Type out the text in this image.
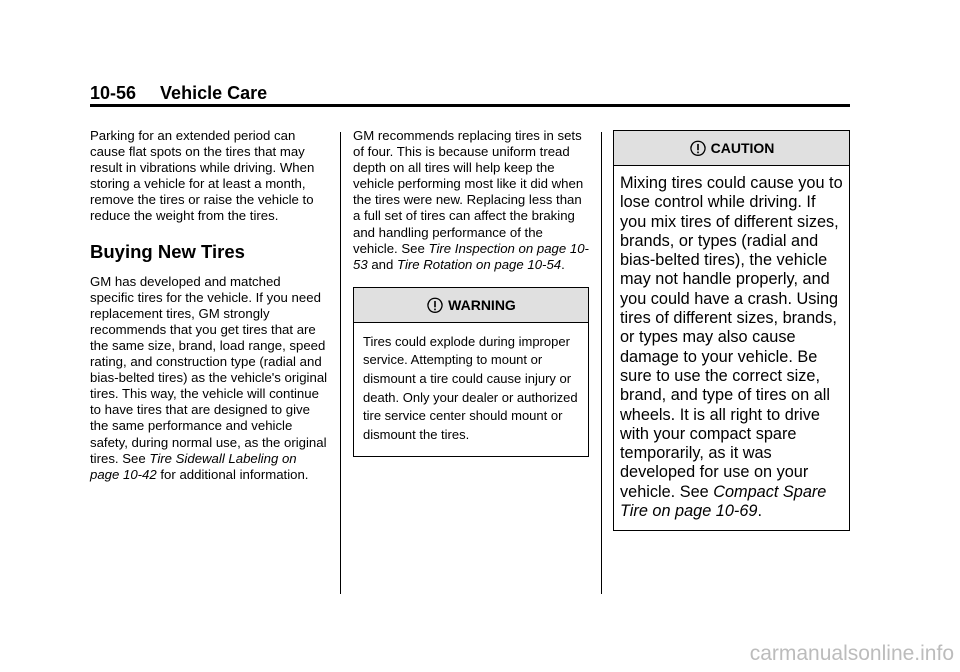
10-56 Vehicle Care

Parking for an extended period can cause flat spots on the tires that may result in vibrations while driving. When storing a vehicle for at least a month, remove the tires or raise the vehicle to reduce the weight from the tires.

Buying New Tires

GM has developed and matched specific tires for the vehicle. If you need replacement tires, GM strongly recommends that you get tires that are the same size, brand, load range, speed rating, and construction type (radial and bias-belted tires) as the vehicle's original tires. This way, the vehicle will continue to have tires that are designed to give the same performance and vehicle safety, during normal use, as the original tires. See Tire Sidewall Labeling on page 10-42 for additional information.

GM recommends replacing tires in sets of four. This is because uniform tread depth on all tires will help keep the vehicle performing most like it did when the tires were new. Replacing less than a full set of tires can affect the braking and handling performance of the vehicle. See Tire Inspection on page 10-53 and Tire Rotation on page 10-54.

WARNING
Tires could explode during improper service. Attempting to mount or dismount a tire could cause injury or death. Only your dealer or authorized tire service center should mount or dismount the tires.
CAUTION
Mixing tires could cause you to lose control while driving. If you mix tires of different sizes, brands, or types (radial and bias-belted tires), the vehicle may not handle properly, and you could have a crash. Using tires of different sizes, brands, or types may also cause damage to your vehicle. Be sure to use the correct size, brand, and type of tires on all wheels. It is all right to drive with your compact spare temporarily, as it was developed for use on your vehicle. See Compact Spare Tire on page 10-69.
carmanualsonline.info
